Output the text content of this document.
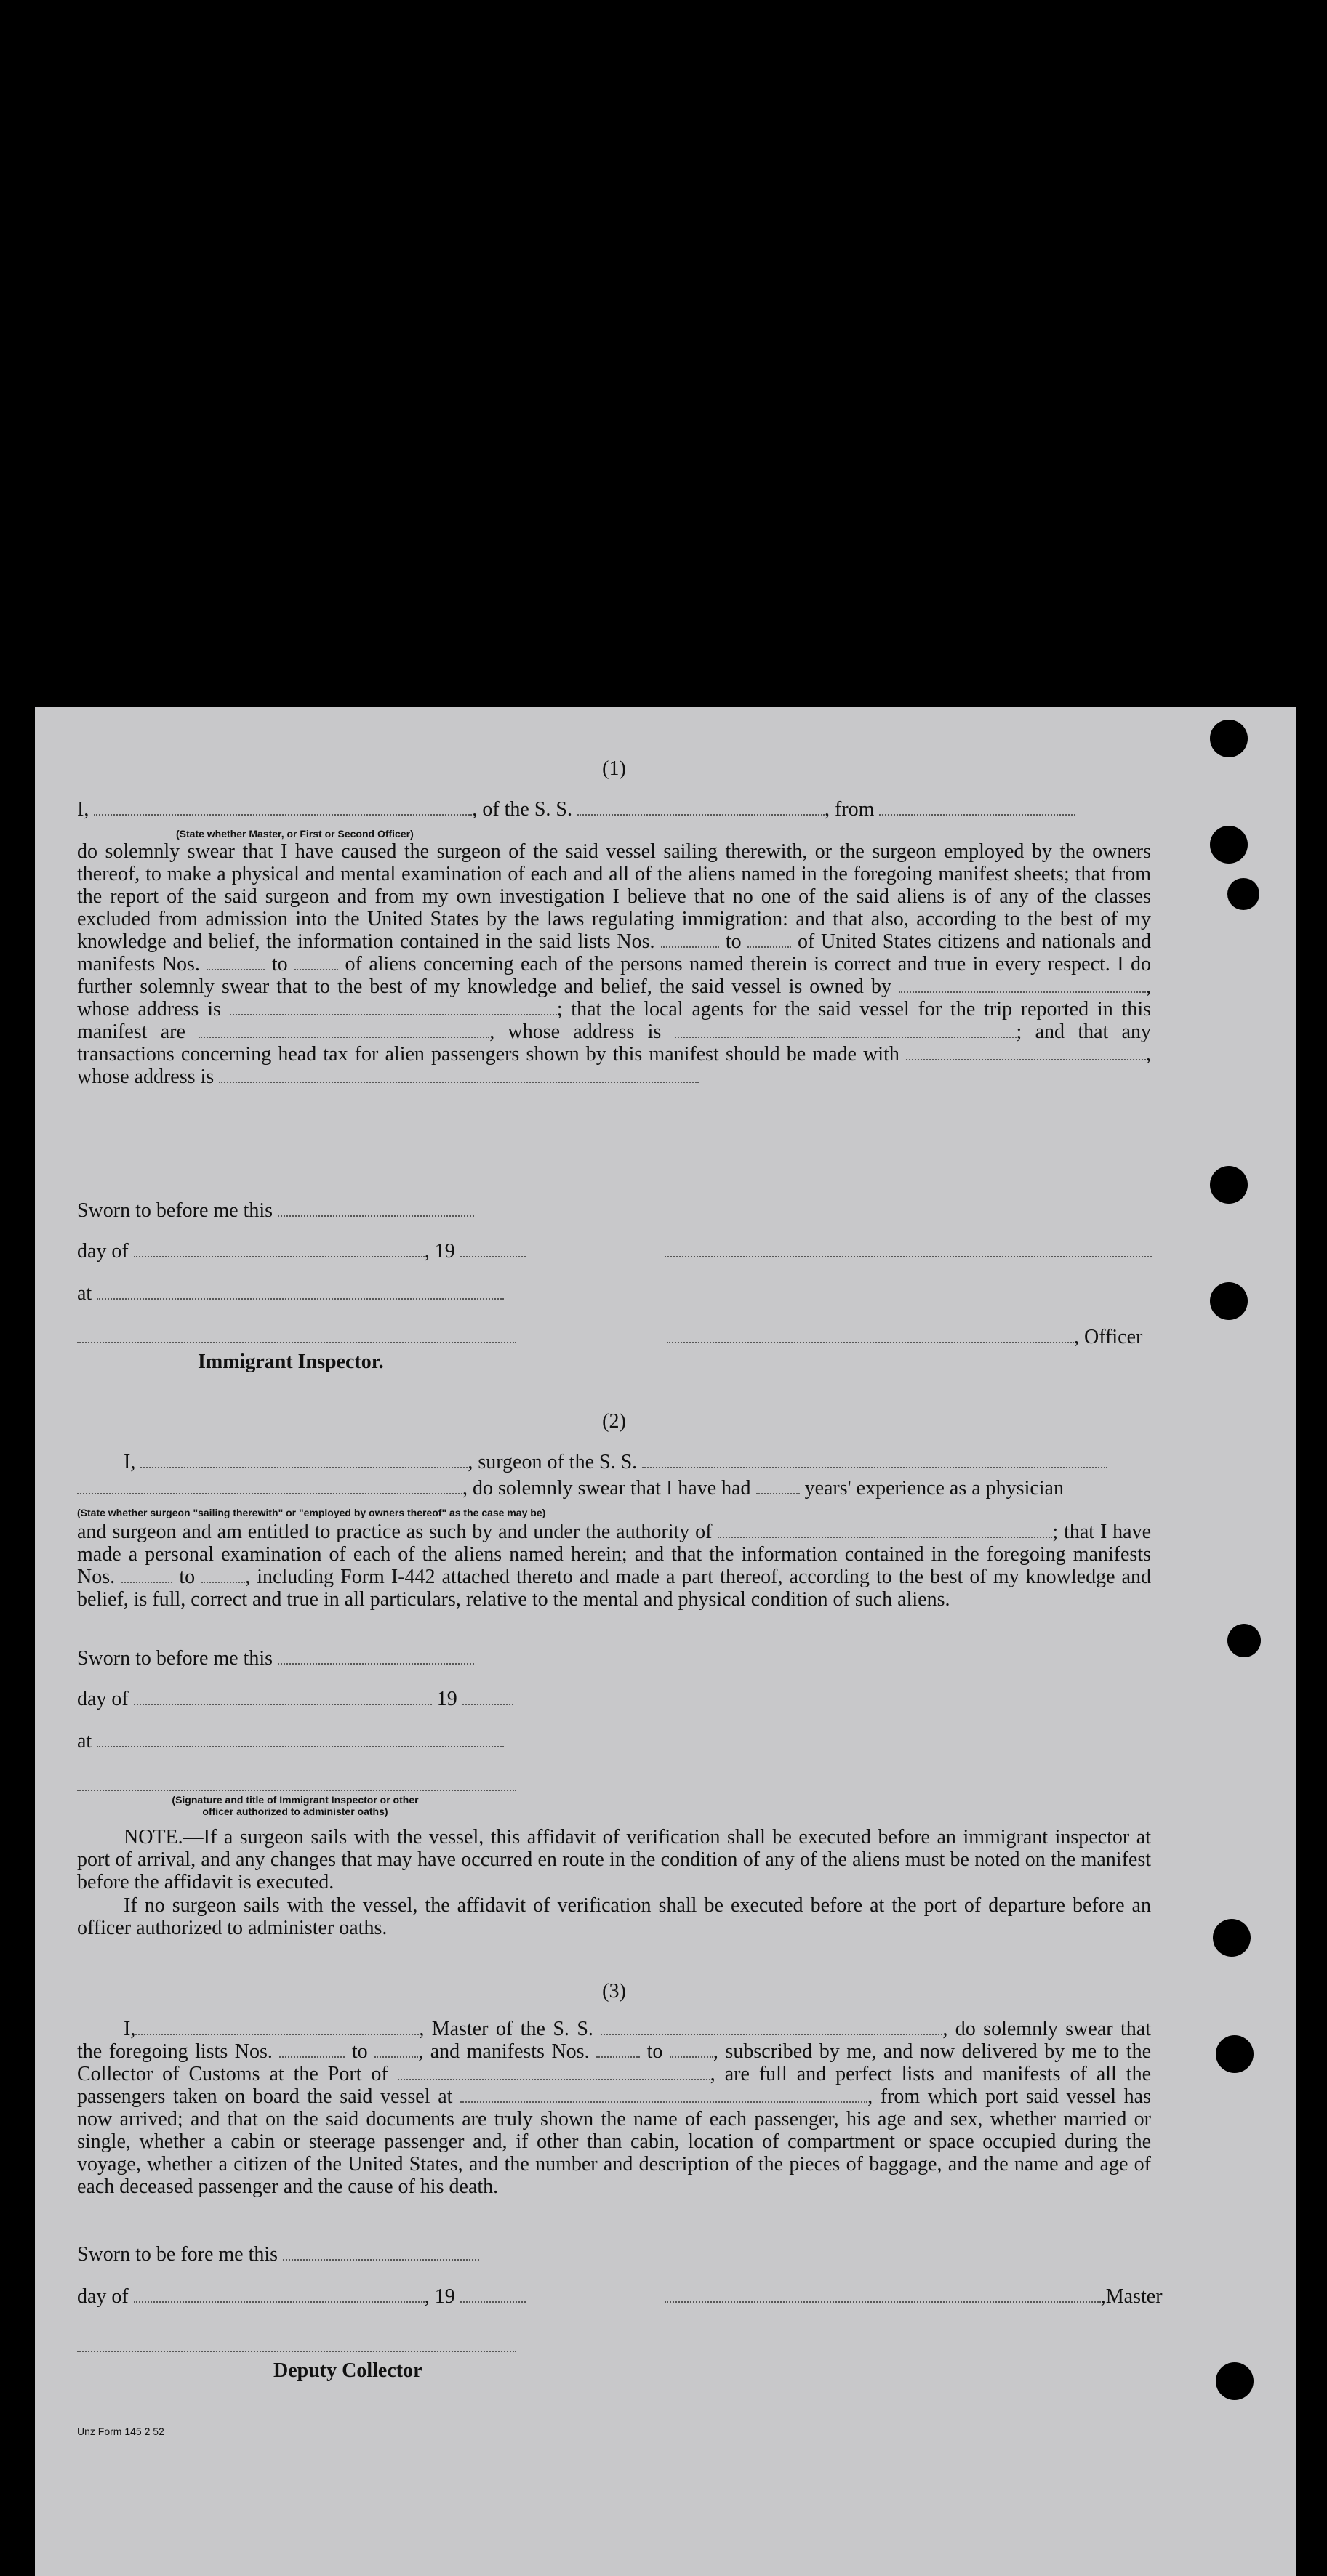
(1)

I,	, of the S. S.	, from
(State whether Master, or First or Second Officer)
do solemnly swear that I have caused the surgeon of the said vessel sailing therewith, or the surgeon employed by the owners thereof, to make a physical and mental examination of each and all of the aliens named in the foregoing manifest sheets; that from the report of the said surgeon and from my own investigation I believe that no one of the said aliens is of any of the classes excluded from admission into the United States by the laws regulating immigration: and that also, according to the best of my knowledge and belief, the information contained in the said lists Nos.	to	of United States citizens and nationals and manifests Nos.	to	of aliens concerning each of the persons named therein is correct and true in every respect. I do further solemnly swear that to the best of my knowledge and belief, the said vessel is owned by	, whose address is	; that the local agents for the said vessel for the trip reported in this manifest are	, whose address is	; and that any transactions concerning head tax for alien passengers shown by this manifest should be made with	, whose address is
Sworn to before me this
day of	, 19
at
, Officer
Immigrant Inspector.

(2)

I,	, surgeon of the S. S.
, do solemnly swear that I have had	years' experience as a physician
(State whether surgeon "sailing therewith" or "employed by owners thereof" as the case may be)
and surgeon and am entitled to practice as such by and under the authority of	; that I have made a personal examination of each of the aliens named herein; and that the information contained in the foregoing manifests Nos.	to , including Form I-442 attached thereto and made a part thereof, according to the best of my knowledge and belief, is full, correct and true in all particulars, relative to the mental and physical condition of such aliens.
Sworn to before me this
day of	19
at
(Signature and title of Immigrant Inspector or other
officer authorized to administer oaths)
NOTE.—If a surgeon sails with the vessel, this affidavit of verification shall be executed before an immigrant inspector at port of arrival, and any changes that may have occurred en route in the condition of any of the aliens must be noted on the manifest before the affidavit is executed.
If no surgeon sails with the vessel, the affidavit of verification shall be executed before at the port of departure before an officer authorized to administer oaths.

(3)

I,	, Master of the S. S.	, do solemnly swear that the foregoing lists Nos.	to , and manifests Nos.	to , subscribed by me, and now delivered by me to the Collector of Customs at the Port of	, are full and perfect lists and manifests of all the passengers taken on board the said vessel at	, from which port said vessel has now arrived; and that on the said documents are truly shown the name of each passenger, his age and sex, whether married or single, whether a cabin or steerage passenger and, if other than cabin, location of compartment or space occupied during the voyage, whether a citizen of the United States, and the number and description of the pieces of baggage, and the name and age of each deceased passenger and the cause of his death.
Sworn to be fore me this
day of	, 19	,Master
Deputy Collector
Unz Form 145 2 52
